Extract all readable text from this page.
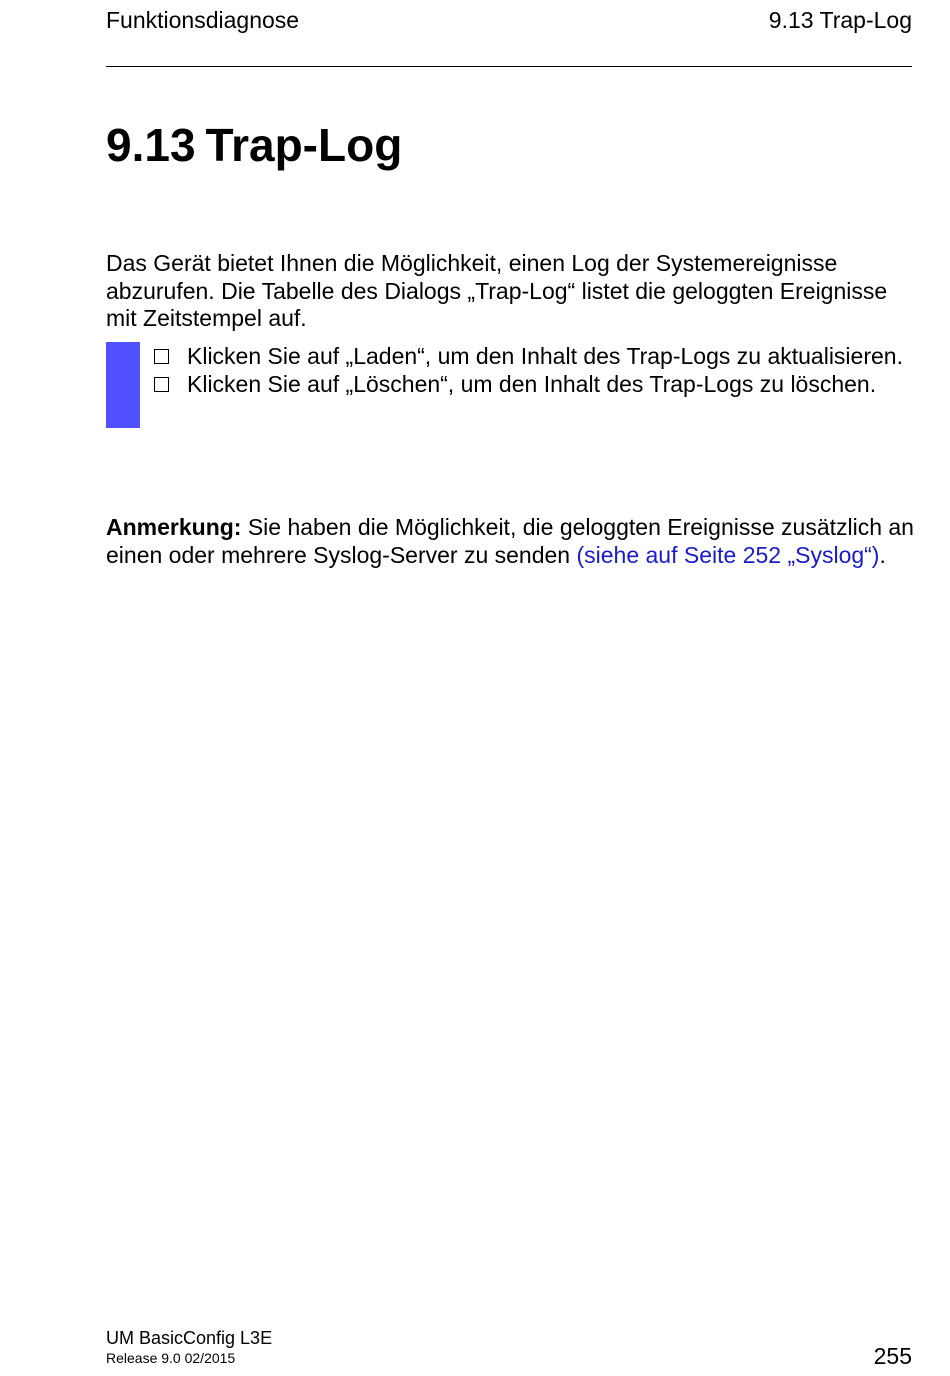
Funktionsdiagnose	9.13 Trap-Log
9.13 Trap-Log
Das Gerät bietet Ihnen die Möglichkeit, einen Log der Systemereignisse abzurufen. Die Tabelle des Dialogs „Trap-Log“ listet die geloggten Ereignisse mit Zeitstempel auf.
Klicken Sie auf „Laden“, um den Inhalt des Trap-Logs zu aktualisieren.
Klicken Sie auf „Löschen“, um den Inhalt des Trap-Logs zu löschen.
Anmerkung: Sie haben die Möglichkeit, die geloggten Ereignisse zusätzlich an einen oder mehrere Syslog-Server zu senden (siehe auf Seite 252 „Syslog“).
UM BasicConfig L3E
Release 9.0 02/2015	255
